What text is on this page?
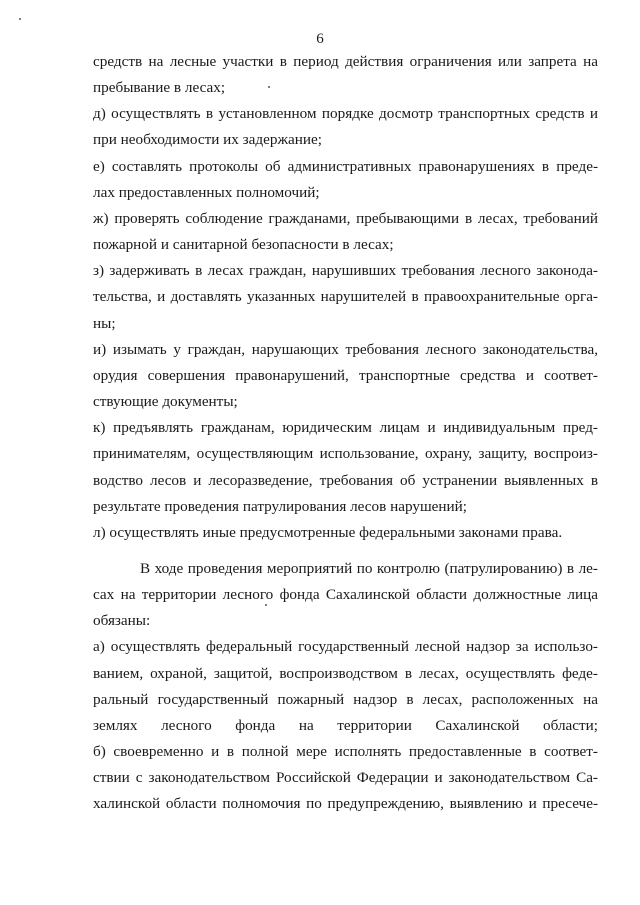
6
средств на лесные участки в период действия ограничения или запрета на
пребывание в лесах;
д) осуществлять в установленном порядке досмотр транспортных средств и
при необходимости их задержание;
е) составлять протоколы об административных правонарушениях в преде-
лах предоставленных полномочий;
ж) проверять соблюдение гражданами, пребывающими в лесах, требований
пожарной и санитарной безопасности в лесах;
з) задерживать в лесах граждан, нарушивших требования лесного законода-
тельства, и доставлять указанных нарушителей в правоохранительные орга-
ны;
и) изымать у граждан, нарушающих требования лесного законодательства,
орудия совершения правонарушений, транспортные средства и соответ-
ствующие документы;
к) предъявлять гражданам, юридическим лицам и индивидуальным пред-
принимателям, осуществляющим использование, охрану, защиту, воспроиз-
водство лесов и лесоразведение, требования об устранении выявленных в
результате проведения патрулирования лесов нарушений;
л) осуществлять иные предусмотренные федеральными законами права.
В ходе проведения мероприятий по контролю (патрулированию) в ле-
сах на территории лесного фонда Сахалинской области должностные лица
обязаны:
а) осуществлять федеральный государственный лесной надзор за использо-
ванием, охраной, защитой, воспроизводством в лесах, осуществлять феде-
ральный государственный пожарный надзор в лесах, расположенных на
землях лесного фонда на территории Сахалинской области;
б) своевременно и в полной мере исполнять предоставленные в соответ-
ствии с законодательством Российской Федерации и законодательством Са-
халинской области полномочия по предупреждению, выявлению и пресече-
